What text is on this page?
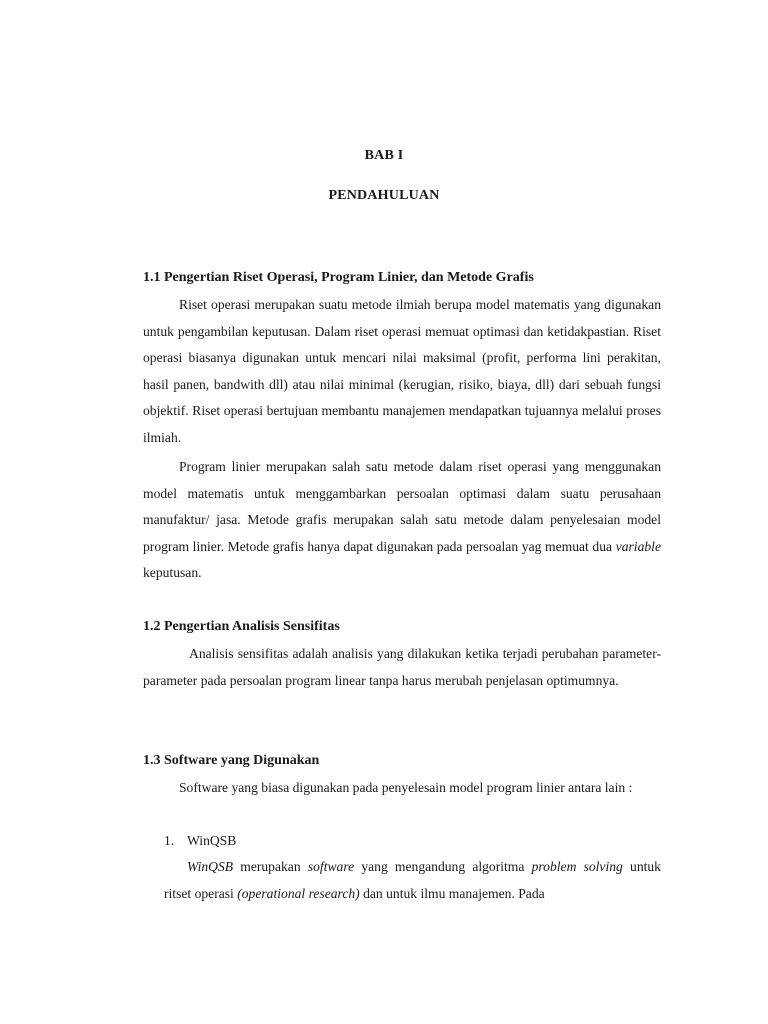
BAB I
PENDAHULUAN
1.1 Pengertian Riset Operasi, Program Linier, dan Metode Grafis
Riset operasi merupakan suatu metode ilmiah berupa model matematis yang digunakan untuk pengambilan keputusan. Dalam riset operasi memuat optimasi dan ketidakpastian. Riset operasi biasanya digunakan untuk mencari nilai maksimal (profit, performa lini perakitan, hasil panen, bandwith dll) atau nilai minimal (kerugian, risiko, biaya, dll) dari sebuah fungsi objektif. Riset operasi bertujuan membantu manajemen mendapatkan tujuannya melalui proses ilmiah.
Program linier merupakan salah satu metode dalam riset operasi yang menggunakan model matematis untuk menggambarkan persoalan optimasi dalam suatu perusahaan manufaktur/ jasa. Metode grafis merupakan salah satu metode dalam penyelesaian model program linier. Metode grafis hanya dapat digunakan pada persoalan yag memuat dua variable keputusan.
1.2 Pengertian Analisis Sensifitas
Analisis sensifitas adalah analisis yang dilakukan ketika terjadi perubahan parameter-parameter pada persoalan program linear tanpa harus merubah penjelasan optimumnya.
1.3 Software yang Digunakan
Software yang biasa digunakan pada penyelesain model program linier antara lain :
1. WinQSB
WinQSB merupakan software yang mengandung algoritma problem solving untuk ritset operasi (operational research) dan untuk ilmu manajemen. Pada
